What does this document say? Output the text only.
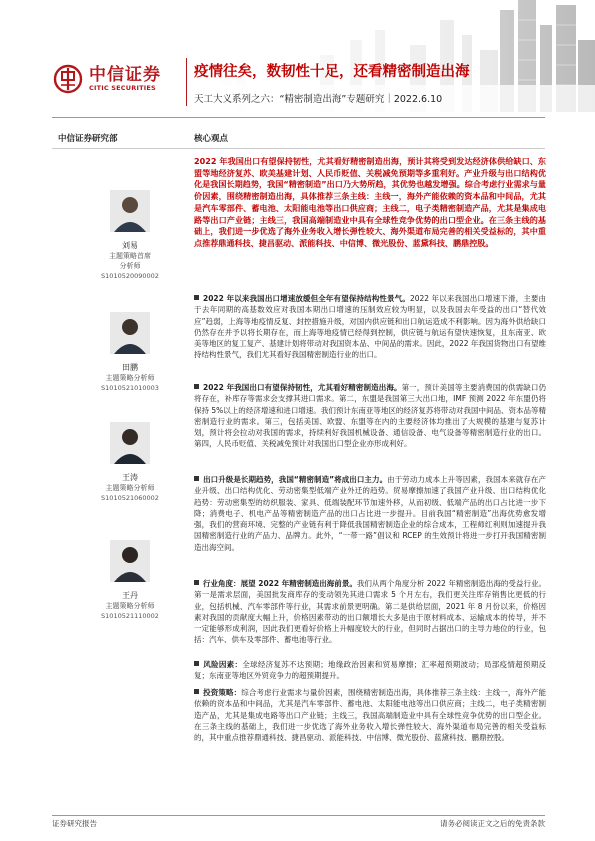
中信证券
CITIC SECURITIES
疫情往矣，数韧性十足，还看精密制造出海
天工大义系列之六：“精密制造出海”专题研究｜2022.6.10
中信证券研究部
刘易
主题策略首席
分析师
S1010520090002
田鹏
主题策略分析师
S1010521010003
王涛
主题策略分析师
S1010521060002
王丹
主题策略分析师
S1010521110002
核心观点
2022 年我国出口有望保持韧性，尤其看好精密制造出海，预计其将受到发达经济体供给缺口、东盟等地经济复苏、欧美基建计划、人民币贬值、关税减免预期等多重利好。产业升级与出口结构优化是我国长期趋势，我国“精密制造”出口乃大势所趋，其优势也越发增强。综合考虑行业需求与量价因素，围绕精密制造出海，具体推荐三条主线：主线一，海外产能依赖的资本品和中间品，尤其是汽车零部件、蓄电池、太阳能电池等出口供应商；主线二，电子类精密制造产品，尤其是集成电路等出口产业链；主线三，我国高端制造业中具有全球性竞争优势的出口型企业。在三条主线的基础上，我们进一步优选了海外业务收入增长弹性较大、海外渠道布局完善的相关受益标的，其中重点推荐鼎通科技、捷昌驱动、派能科技、中信博、微光股份、蓝黛科技、鹏鼎控股。
2022 年以来我国出口增速放缓但全年有望保持结构性景气。2022 年以来我国出口增速下滑，主要由于去年同期的高基数效应对我国本期出口增速的压制效应较为明显，以及我国去年受益的出口“替代效应”趋弱，上海等地疫情反复、封控措施升级，对国内供应链和出口航运造成不利影响。因为海外供给缺口仍然存在并予以将长期存在，而上海等地疫情已经得到控制，供应链与航运有望快速恢复，且东南亚、欧美等地区的复工复产、基建计划将带动对我国资本品、中间品的需求。因此，2022 年我国货物出口有望维持结构性景气，我们尤其看好我国精密制造行业的出口。
2022 年我国出口有望保持韧性，尤其看好精密制造出海。第一，预计美国等主要消费国的供需缺口仍将存在，补库存等需求会支撑其进口需求。第二，东盟是我国第三大出口地，IMF 预测 2022 年东盟仍将保持 5%以上的经济增速和进口增速。我们预计东南亚等地区的经济复苏将带动对我国中间品、资本品等精密制造行业的需求。第三，包括美国、欧盟、东盟等在内的主要经济体均推出了大规模的基建与复苏计划，预计将会拉动对我国的需求，持续利好我国机械设备、通信设备、电气设备等精密制造行业的出口。第四，人民币贬值、关税减免预计对我国出口型企业亦形成利好。
出口升级是长期趋势，我国“精密制造”将成出口主力。由于劳动力成本上升等因素，我国本来就存在产业升级、出口结构优化、劳动密集型低端产业外迁的趋势。贸易摩擦加速了我国产业升级、出口结构优化趋势：劳动密集型的纺织服装、家具、低端装配环节加速外移，从而初级、低端产品的出口占比进一步下降；消费电子、机电产品等精密制造产品的出口占比进一步提升。目前我国“精密制造”出海优势愈发增强，我们的营商环境、完整的产业链有利于降低我国精密制造企业的综合成本，工程师红利则加速提升我国精密制造行业的产品力、品牌力。此外，“一带一路”倡议和 RCEP 的生效预计将进一步打开我国精密制造出海空间。
行业角度：展望 2022 年精密制造出海前景。我们从两个角度分析 2022 年精密制造出海的受益行业。第一是需求层面，美国批发商库存的变动领先其进口需求 5 个月左右，我们更关注库存销售比更低的行业，包括机械、汽车零部件等行业，其需求前景更明确。第二是供给层面，2021 年 8 月份以来，价格因素对我国的贡献度大幅上升，价格因素带动的出口额增长大多是由于原材料成本、运输成本的传导，并不一定能够形成利润，因此我们更看好价格上升幅度较大的行业，但同时占据出口的主导力地位的行业，包括：汽车、供车及零部件、蓄电池等行业。
风险因素：全球经济复苏不达预期；地缘政治因素和贸易摩擦；汇率超预期波动；局部疫情超预期反复；东南亚等地区外贸竞争力的超预期提升。
投资策略：综合考虑行业需求与量价因素，围绕精密制造出海，具体推荐三条主线：主线一，海外产能依赖的资本品和中间品，尤其是汽车零部件、蓄电池、太阳能电池等出口供应商；主线二，电子类精密制造产品，尤其是集成电路等出口产业链；主线三，我国高端制造业中具有全球性竞争优势的出口型企业。在三条主线的基础上，我们进一步优选了海外业务收入增长弹性较大、海外渠道布局完善的相关受益标的，其中重点推荐鼎通科技、捷昌驱动、派能科技、中信博、微光股份、蓝黛科技、鹏鼎控股。
证券研究报告	请务必阅读正文之后的免责条款
